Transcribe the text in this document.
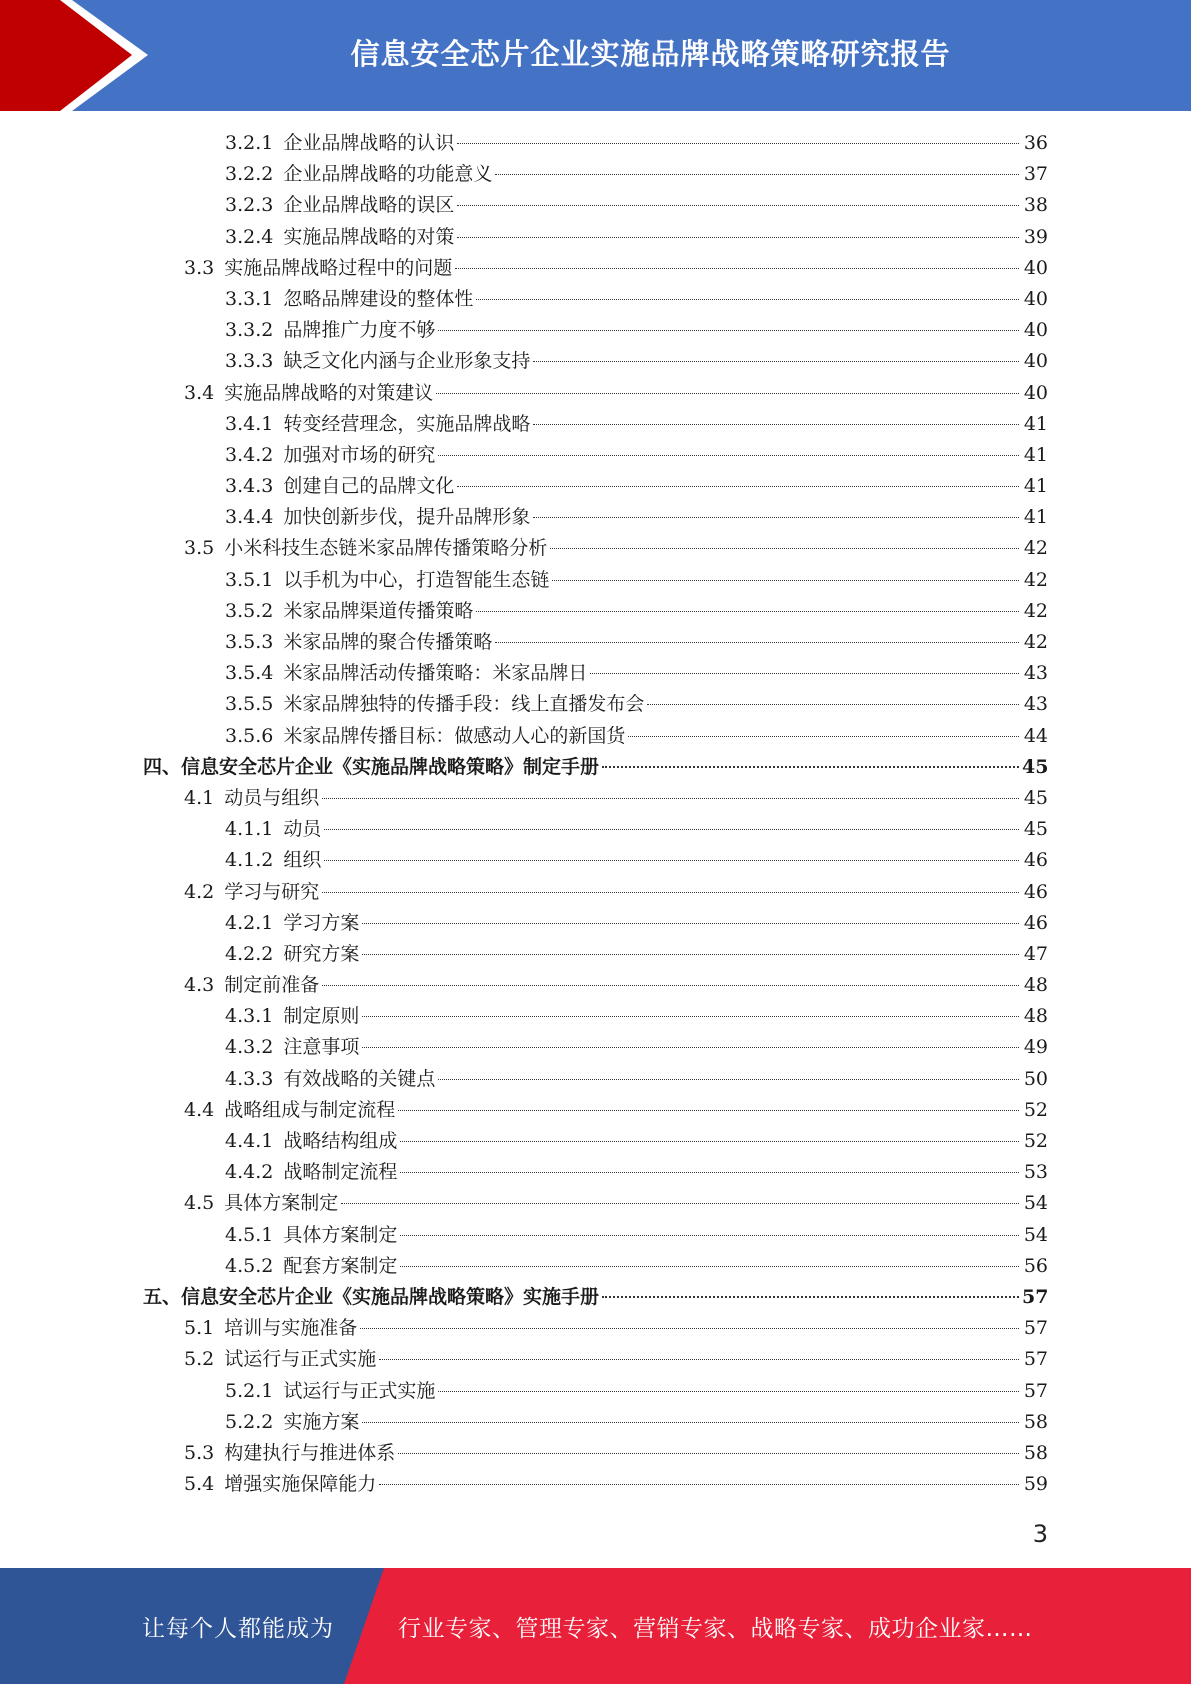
信息安全芯片企业实施品牌战略策略研究报告
3.2.1 企业品牌战略的认识	36
3.2.2 企业品牌战略的功能意义	37
3.2.3 企业品牌战略的误区	38
3.2.4 实施品牌战略的对策	39
3.3 实施品牌战略过程中的问题	40
3.3.1 忽略品牌建设的整体性	40
3.3.2 品牌推广力度不够	40
3.3.3 缺乏文化内涵与企业形象支持	40
3.4 实施品牌战略的对策建议	40
3.4.1 转变经营理念，实施品牌战略	41
3.4.2 加强对市场的研究	41
3.4.3 创建自己的品牌文化	41
3.4.4 加快创新步伐，提升品牌形象	41
3.5 小米科技生态链米家品牌传播策略分析	42
3.5.1 以手机为中心，打造智能生态链	42
3.5.2 米家品牌渠道传播策略	42
3.5.3 米家品牌的聚合传播策略	42
3.5.4 米家品牌活动传播策略：米家品牌日	43
3.5.5 米家品牌独特的传播手段：线上直播发布会	43
3.5.6 米家品牌传播目标：做感动人心的新国货	44
四、信息安全芯片企业《实施品牌战略策略》制定手册	45
4.1 动员与组织	45
4.1.1 动员	45
4.1.2 组织	46
4.2 学习与研究	46
4.2.1 学习方案	46
4.2.2 研究方案	47
4.3 制定前准备	48
4.3.1 制定原则	48
4.3.2 注意事项	49
4.3.3 有效战略的关键点	50
4.4 战略组成与制定流程	52
4.4.1 战略结构组成	52
4.4.2 战略制定流程	53
4.5 具体方案制定	54
4.5.1 具体方案制定	54
4.5.2 配套方案制定	56
五、信息安全芯片企业《实施品牌战略策略》实施手册	57
5.1 培训与实施准备	57
5.2 试运行与正式实施	57
5.2.1 试运行与正式实施	57
5.2.2 实施方案	58
5.3 构建执行与推进体系	58
5.4 增强实施保障能力	59
3
让每个人都能成为	行业专家、管理专家、营销专家、战略专家、成功企业家……
